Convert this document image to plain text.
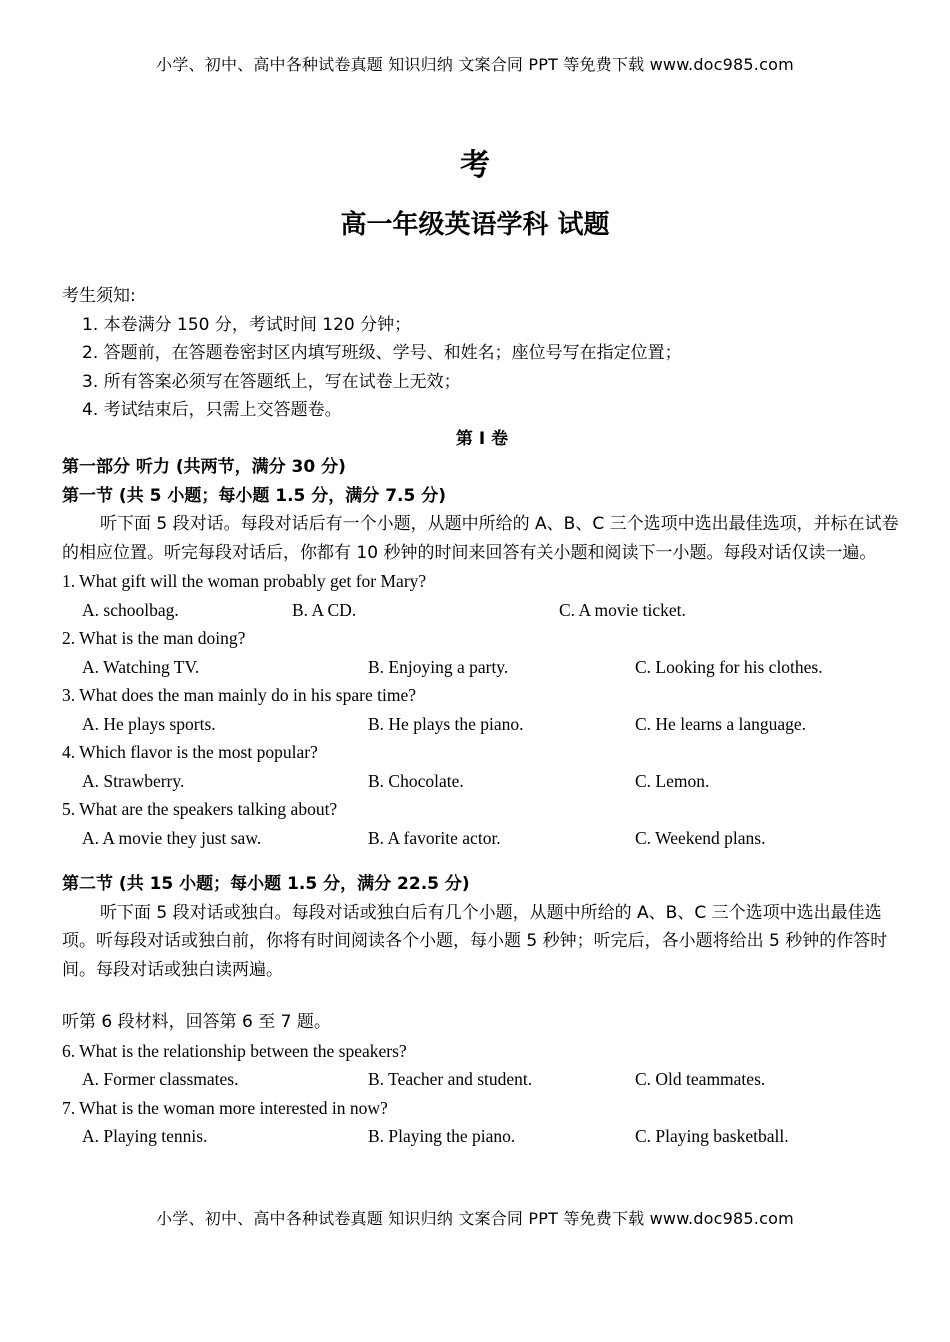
小学、初中、高中各种试卷真题 知识归纳 文案合同 PPT 等免费下载 www.doc985.com
考
高一年级英语学科 试题
考生须知:
1. 本卷满分 150 分，考试时间 120 分钟；
2. 答题前，在答题卷密封区内填写班级、学号、和姓名；座位号写在指定位置；
3. 所有答案必须写在答题纸上，写在试卷上无效；
4. 考试结束后，只需上交答题卷。
第 I 卷
第一部分 听力 (共两节，满分 30 分)
第一节 (共 5 小题；每小题 1.5 分，满分 7.5 分)
听下面 5 段对话。每段对话后有一个小题，从题中所给的 A、B、C 三个选项中选出最佳选项，并标在试卷的相应位置。听完每段对话后，你都有 10 秒钟的时间来回答有关小题和阅读下一小题。每段对话仅读一遍。
1. What gift will the woman probably get for Mary?
A. schoolbag.	B. A CD.	C. A movie ticket.
2. What is the man doing?
A. Watching TV.	B. Enjoying a party.	C. Looking for his clothes.
3. What does the man mainly do in his spare time?
A. He plays sports.	B. He plays the piano.	C. He learns a language.
4. Which flavor is the most popular?
A. Strawberry.	B. Chocolate.	C. Lemon.
5. What are the speakers talking about?
A. A movie they just saw.	B. A favorite actor.	C. Weekend plans.
第二节 (共 15 小题；每小题 1.5 分，满分 22.5 分)
听下面 5 段对话或独白。每段对话或独白后有几个小题，从题中所给的 A、B、C 三个选项中选出最佳选项。听每段对话或独白前，你将有时间阅读各个小题，每小题 5 秒钟；听完后，各小题将给出 5 秒钟的作答时间。每段对话或独白读两遍。
听第 6 段材料，回答第 6 至 7 题。
6. What is the relationship between the speakers?
A. Former classmates.	B. Teacher and student.	C. Old teammates.
7. What is the woman more interested in now?
A. Playing tennis.	B. Playing the piano.	C. Playing basketball.
小学、初中、高中各种试卷真题 知识归纳 文案合同 PPT 等免费下载 www.doc985.com
